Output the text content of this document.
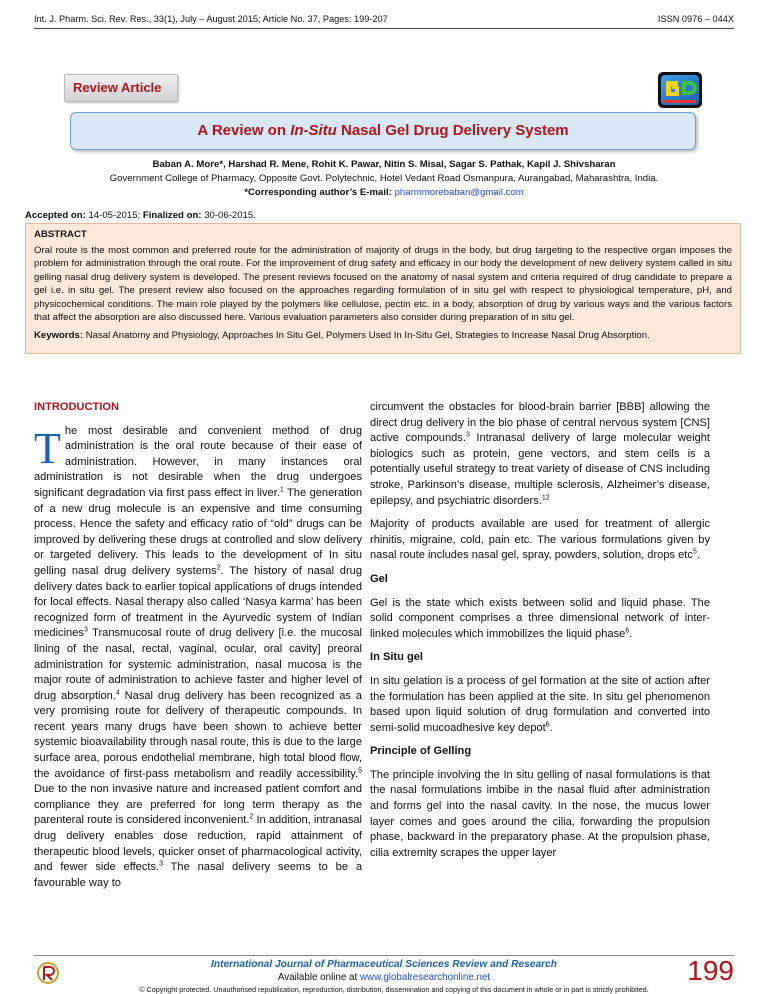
Int. J. Pharm. Sci. Rev. Res., 33(1), July – August 2015; Article No. 37, Pages: 199-207	ISSN 0976 – 044X
Review Article
A Review on In-Situ Nasal Gel Drug Delivery System
Baban A. More*, Harshad R. Mene, Rohit K. Pawar, Nitin S. Misal, Sagar S. Pathak, Kapil J. Shivsharan
Government College of Pharmacy, Opposite Govt. Polytechnic, Hotel Vedant Road Osmanpura, Aurangabad, Maharashtra, India.
*Corresponding author’s E-mail: pharmmorebaban@gmail.com
Accepted on: 14-05-2015; Finalized on: 30-06-2015.
ABSTRACT
Oral route is the most common and preferred route for the administration of majority of drugs in the body, but drug targeting to the respective organ imposes the problem for administration through the oral route. For the improvement of drug safety and efficacy in our body the development of new delivery system called in situ gelling nasal drug delivery system is developed. The present reviews focused on the anatomy of nasal system and criteria required of drug candidate to prepare a gel i.e. in situ gel. The present review also focused on the approaches regarding formulation of in situ gel with respect to physiological temperature, pH, and physicochemical conditions. The main role played by the polymers like cellulose, pectin etc. in a body, absorption of drug by various ways and the various factors that affect the absorption are also discussed here. Various evaluation parameters also consider during preparation of in situ gel.
Keywords: Nasal Anatomy and Physiology, Approaches In Situ Gel, Polymers Used In In-Situ Gel, Strategies to Increase Nasal Drug Absorption.
INTRODUCTION

The most desirable and convenient method of drug administration is the oral route because of their ease of administration. However, in many instances oral administration is not desirable when the drug undergoes significant degradation via first pass effect in liver.$^1$ The generation of a new drug molecule is an expensive and time consuming process. Hence the safety and efficacy ratio of “old” drugs can be improved by delivering these drugs at controlled and slow delivery or targeted delivery. This leads to the development of In situ gelling nasal drug delivery systems$^2$. The history of nasal drug delivery dates back to earlier topical applications of drugs intended for local effects. Nasal therapy also called ‘Nasya karma’ has been recognized form of treatment in the Ayurvedic system of Indian medicines$^3$ Transmucosal route of drug delivery [i.e. the mucosal lining of the nasal, rectal, vaginal, ocular, oral cavity] preoral administration for systemic administration, nasal mucosa is the major route of administration to achieve faster and higher level of drug absorption.$^4$ Nasal drug delivery has been recognized as a very promising route for delivery of therapeutic compounds. In recent years many drugs have been shown to achieve better systemic bioavailability through nasal route, this is due to the large surface area, porous endothelial membrane, high total blood flow, the avoidance of first-pass metabolism and readily accessibility.$^5$ Due to the non invasive nature and increased patient comfort and compliance they are preferred for long term therapy as the parenteral route is considered inconvenient.$^2$ In addition, intranasal drug delivery enables dose reduction, rapid attainment of therapeutic blood levels, quicker onset of pharmacological activity, and fewer side effects.$^3$ The nasal delivery seems to be a favourable way to

circumvent the obstacles for blood-brain barrier [BBB] allowing the direct drug delivery in the bio phase of central nervous system [CNS] active compounds.$^3$ Intranasal delivery of large molecular weight biologics such as protein, gene vectors, and stem cells is a potentially useful strategy to treat variety of disease of CNS including stroke, Parkinson’s disease, multiple sclerosis, Alzheimer’s disease, epilepsy, and psychiatric disorders.$^{12}$

Majority of products available are used for treatment of allergic rhinitis, migraine, cold, pain etc. The various formulations given by nasal route includes nasal gel, spray, powders, solution, drops etc$^5$.

Gel

Gel is the state which exists between solid and liquid phase. The solid component comprises a three dimensional network of inter-linked molecules which immobilizes the liquid phase$^6$.

In Situ gel

In situ gelation is a process of gel formation at the site of action after the formulation has been applied at the site. In situ gel phenomenon based upon liquid solution of drug formulation and converted into semi-solid mucoadhesive key depot$^6$.

Principle of Gelling

The principle involving the In situ gelling of nasal formulations is that the nasal formulations imbibe in the nasal fluid after administration and forms gel into the nasal cavity. In the nose, the mucus lower layer comes and goes around the cilia, forwarding the propulsion phase, backward in the preparatory phase. At the propulsion phase, cilia extremity scrapes the upper layer

International Journal of Pharmaceutical Sciences Review and Research
Available online at www.globalresearchonline.net
© Copyright protected. Unauthorised republication, reproduction, distribution, dissemination and copying of this document in whole or in part is strictly prohibited.
199
